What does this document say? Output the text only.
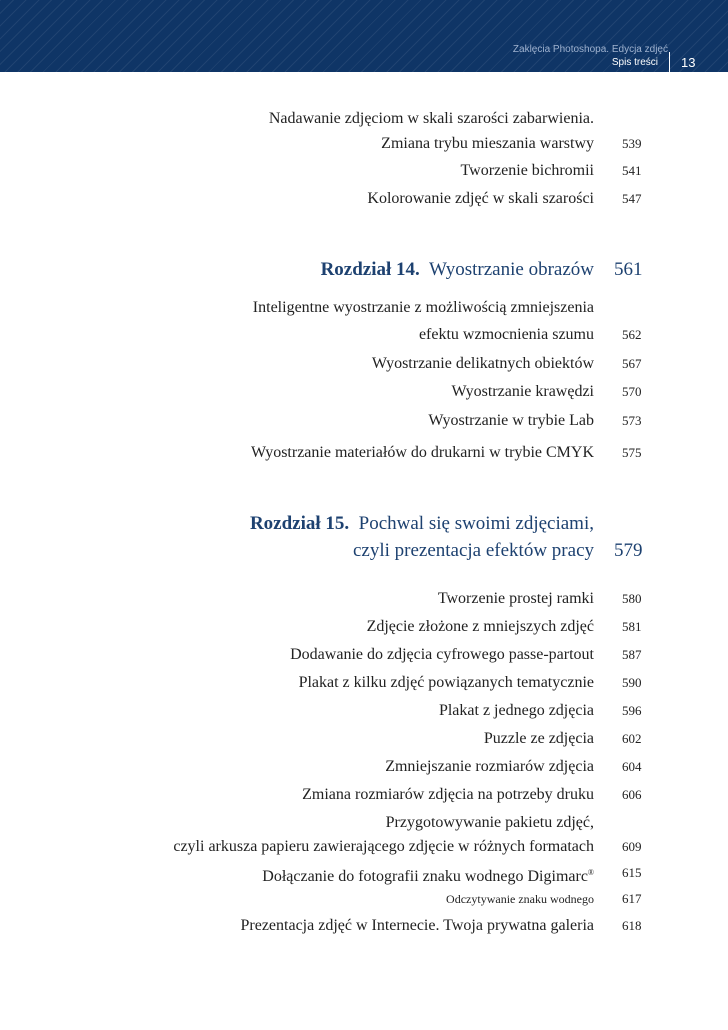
Zaklęcia Photoshopa. Edycja zdjęć
Spis treści 13
Nadawanie zdjęciom w skali szarości zabarwienia.
Zmiana trybu mieszania warstwy 539
Tworzenie bichromii 541
Kolorowanie zdjęć w skali szarości 547
Rozdział 14. Wyostrzanie obrazów 561
Inteligentne wyostrzanie z możliwością zmniejszenia
efektu wzmocnienia szumu 562
Wyostrzanie delikatnych obiektów 567
Wyostrzanie krawędzi 570
Wyostrzanie w trybie Lab 573
Wyostrzanie materiałów do drukarni w trybie CMYK 575
Rozdział 15. Pochwal się swoimi zdjęciami,
czyli prezentacja efektów pracy 579
Tworzenie prostej ramki 580
Zdjęcie złożone z mniejszych zdjęć 581
Dodawanie do zdjęcia cyfrowego passe-partout 587
Plakat z kilku zdjęć powiązanych tematycznie 590
Plakat z jednego zdjęcia 596
Puzzle ze zdjęcia 602
Zmniejszanie rozmiarów zdjęcia 604
Zmiana rozmiarów zdjęcia na potrzeby druku 606
Przygotowywanie pakietu zdjęć,
czyli arkusza papieru zawierającego zdjęcie w różnych formatach 609
Dołączanie do fotografii znaku wodnego Digimarc® 615
Odczytywanie znaku wodnego 617
Prezentacja zdjęć w Internecie. Twoja prywatna galeria 618
